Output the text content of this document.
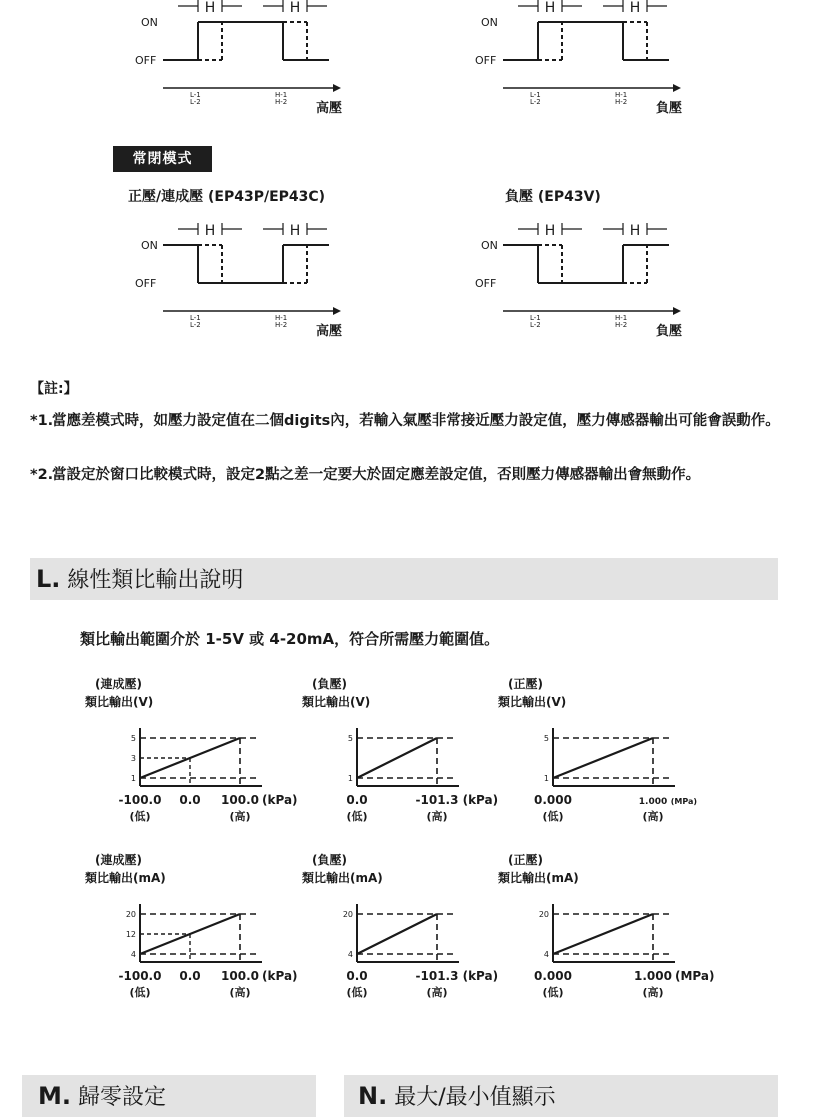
ON
OFF
H	H
L-1
L-2
H-1
H-2 高壓
ON
OFF
H	H
L-1
L-2
H-1
H-2 負壓
ON
OFF
H	H
L-1
L-2
H-1
H-2 高壓
ON
OFF
H	H
L-1
L-2
H-1
H-2 負壓
常閉模式
正壓/連成壓 (EP43P/EP43C)	負壓 (EP43V)
【註:】
*1.
當應差模式時，如壓力設定值在二個digits內，若輸入氣壓非常接近壓力設定值，壓力傳感器輸出可能會誤動作。
*2.
當設定於窗口比較模式時，設定2點之差一定要大於固定應差設定值，否則壓力傳感器輸出會無動作。
L. 線性類比輸出說明
類比輸出範圍介於 1-5V 或 4-20mA，符合所需壓力範圍值。
(連成壓)
類比輸出(V)
5
3
1
-100.0 0.0 100.0 (kPa)
(低)	(高)
(負壓)
類比輸出(V)
5
1
0.0	-101.3 (kPa)
(低)	(高)
(正壓)
類比輸出(V)
5
1
0.000	1.000 (MPa)
(低)	(高)
(連成壓)
類比輸出(mA)
20
12
4
-100.0 0.0 100.0 (kPa)
(低)	(高)
(負壓)
類比輸出(mA)
20
4
0.0	-101.3 (kPa)
(低)	(高)
(正壓)
類比輸出(mA)
20
4
0.000	1.000 (MPa)
(低)	(高)
M. 歸零設定	N. 最大/最小值顯示
